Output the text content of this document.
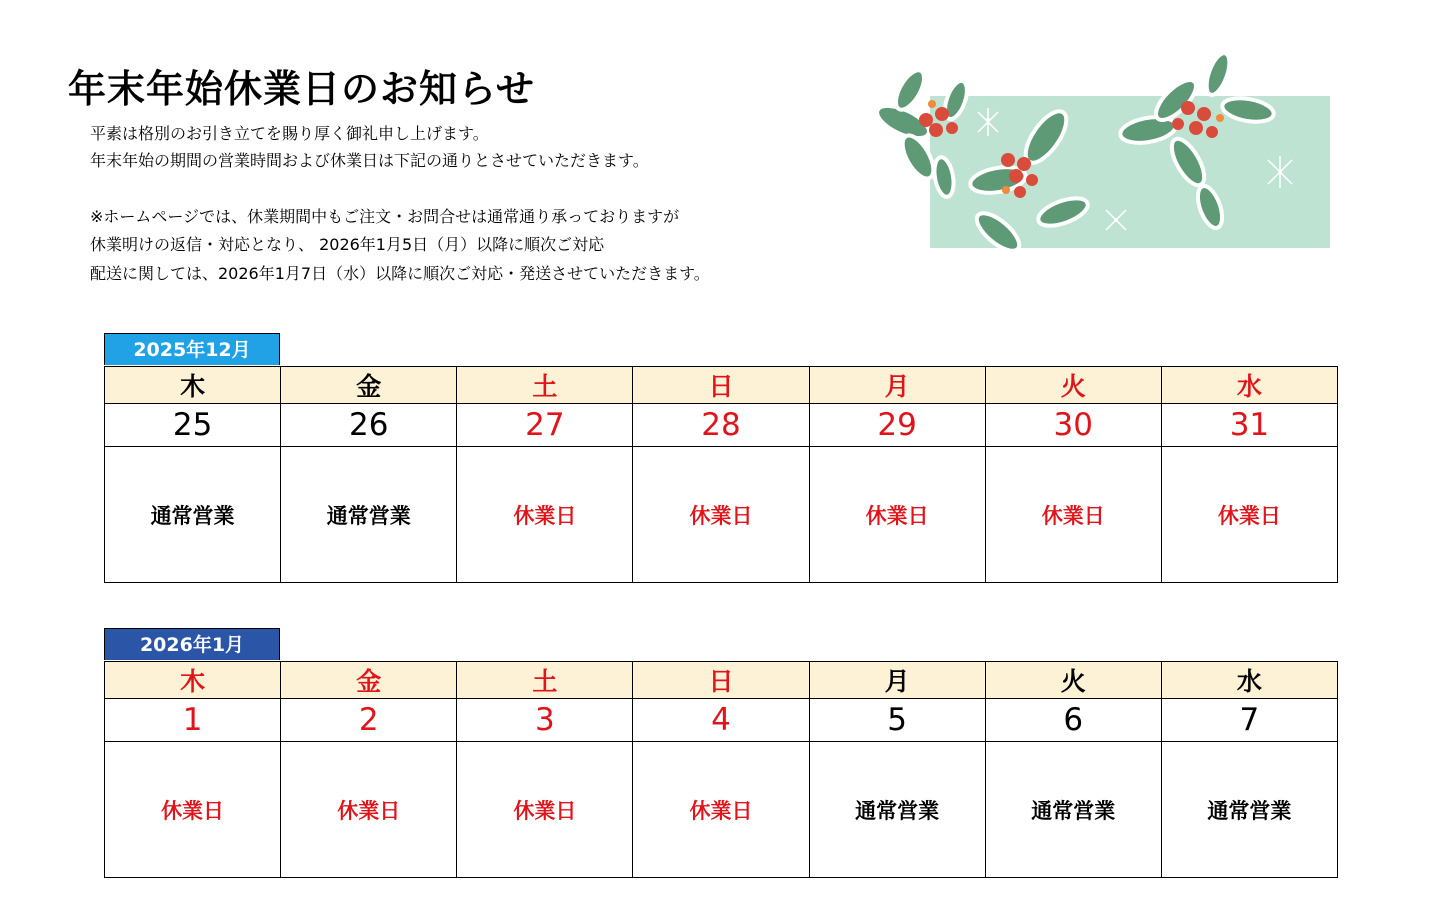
年末年始休業日のお知らせ
平素は格別のお引き立てを賜り厚く御礼申し上げます。
年末年始の期間の営業時間および休業日は下記の通りとさせていただきます。
※ホームページでは、休業期間中もご注文・お問合せは通常通り承っておりますが
休業明けの返信・対応となり、 2026年1月5日（月）以降に順次ご対応
配送に関しては、2026年1月7日（水）以降に順次ご対応・発送させていただきます。
2025年12月
木	金	土	日	月	火	水
25	26	27	28	29	30	31
通常営業	通常営業	休業日	休業日	休業日	休業日	休業日
2026年1月
木	金	土	日	月	火	水
1	2	3	4	5	6	7
休業日	休業日	休業日	休業日	通常営業	通常営業	通常営業
